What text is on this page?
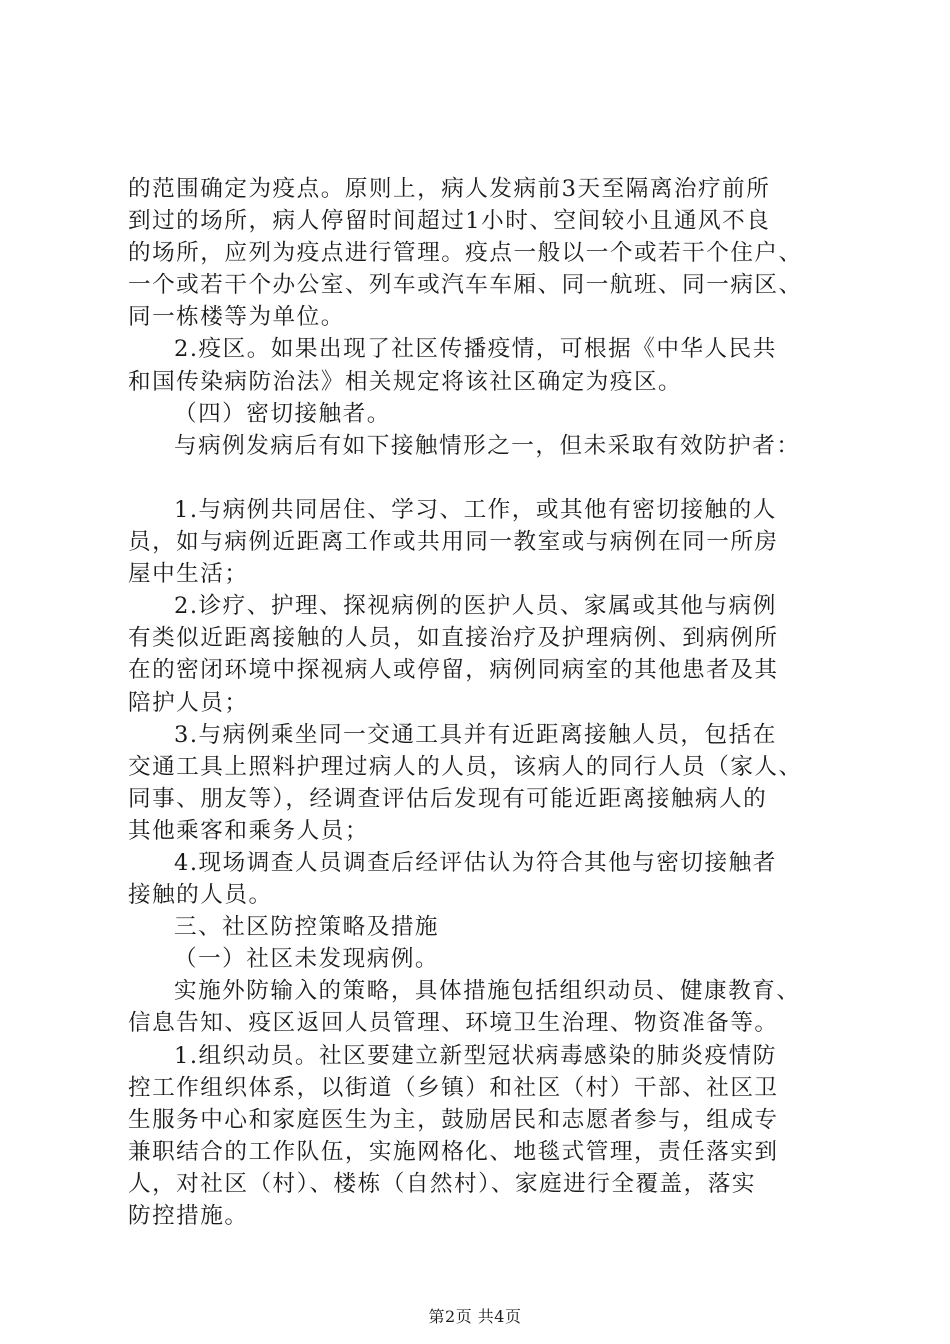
的范围确定为疫点。原则上，病人发病前3天至隔离治疗前所
到过的场所，病人停留时间超过1小时、空间较小且通风不良
的场所，应列为疫点进行管理。疫点一般以一个或若干个住户、
一个或若干个办公室、列车或汽车车厢、同一航班、同一病区、
同一栋楼等为单位。
2.疫区。如果出现了社区传播疫情，可根据《中华人民共
和国传染病防治法》相关规定将该社区确定为疫区。
（四）密切接触者。
与病例发病后有如下接触情形之一，但未采取有效防护者：
1.与病例共同居住、学习、工作，或其他有密切接触的人
员，如与病例近距离工作或共用同一教室或与病例在同一所房
屋中生活；
2.诊疗、护理、探视病例的医护人员、家属或其他与病例
有类似近距离接触的人员，如直接治疗及护理病例、到病例所
在的密闭环境中探视病人或停留，病例同病室的其他患者及其
陪护人员；
3.与病例乘坐同一交通工具并有近距离接触人员，包括在
交通工具上照料护理过病人的人员，该病人的同行人员（家人、
同事、朋友等），经调查评估后发现有可能近距离接触病人的
其他乘客和乘务人员；
4.现场调查人员调查后经评估认为符合其他与密切接触者
接触的人员。
三、社区防控策略及措施
（一）社区未发现病例。
实施外防输入的策略，具体措施包括组织动员、健康教育、
信息告知、疫区返回人员管理、环境卫生治理、物资准备等。
1.组织动员。社区要建立新型冠状病毒感染的肺炎疫情防
控工作组织体系，以街道（乡镇）和社区（村）干部、社区卫
生服务中心和家庭医生为主，鼓励居民和志愿者参与，组成专
兼职结合的工作队伍，实施网格化、地毯式管理，责任落实到
人，对社区（村）、楼栋（自然村）、家庭进行全覆盖，落实
防控措施。
第2页 共4页
